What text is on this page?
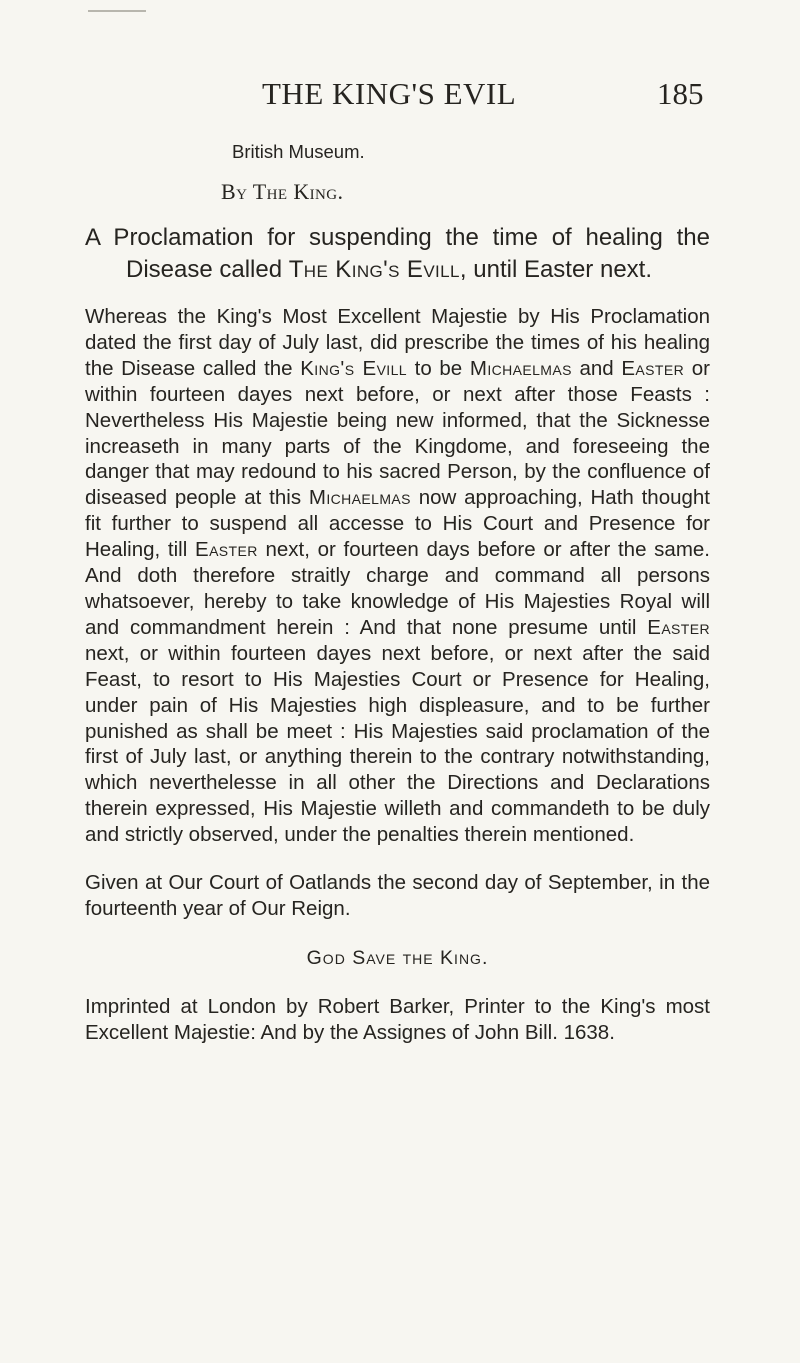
THE KING'S EVIL	185

British Museum.

By The King.

A Proclamation for suspending the time of healing the Disease called The King's Evill, until Easter next.

Whereas the King's Most Excellent Majestie by His Proclamation dated the first day of July last, did prescribe the times of his healing the Disease called the King's Evill to be Michaelmas and Easter or within fourteen dayes next before, or next after those Feasts : Nevertheless His Majestie being new informed, that the Sicknesse increaseth in many parts of the Kingdome, and foreseeing the danger that may redound to his sacred Person, by the confluence of diseased people at this Michaelmas now approaching, Hath thought fit further to suspend all accesse to His Court and Presence for Healing, till Easter next, or fourteen days before or after the same. And doth therefore straitly charge and command all persons whatsoever, hereby to take knowledge of His Majesties Royal will and commandment herein : And that none presume until Easter next, or within fourteen dayes next before, or next after the said Feast, to resort to His Majesties Court or Presence for Healing, under pain of His Majesties high displeasure, and to be further punished as shall be meet : His Majesties said proclamation of the first of July last, or anything therein to the contrary notwithstanding, which neverthelesse in all other the Directions and Declarations therein expressed, His Majestie willeth and commandeth to be duly and strictly observed, under the penalties therein mentioned.

Given at Our Court of Oatlands the second day of September, in the fourteenth year of Our Reign.

God Save the King.

Imprinted at London by Robert Barker, Printer to the King's most Excellent Majestie: And by the Assignes of John Bill. 1638.
